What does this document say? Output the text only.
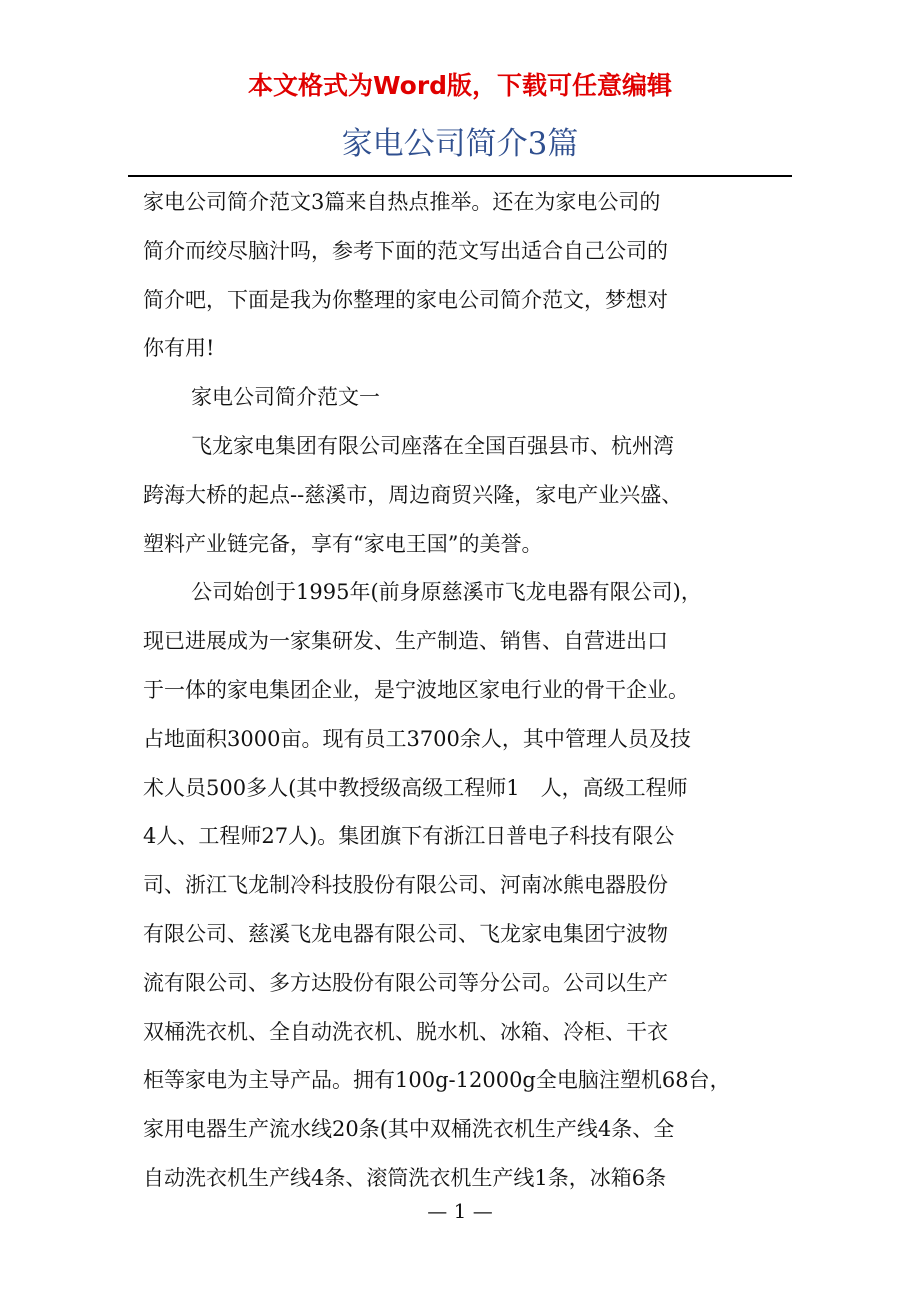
本文格式为Word版，下载可任意编辑
家电公司简介3篇
家电公司简介范文3篇来自热点推举。还在为家电公司的
简介而绞尽脑汁吗，参考下面的范文写出适合自己公司的
简介吧，下面是我为你整理的家电公司简介范文，梦想对
你有用!
家电公司简介范文一
飞龙家电集团有限公司座落在全国百强县市、杭州湾
跨海大桥的起点--慈溪市，周边商贸兴隆，家电产业兴盛、
塑料产业链完备，享有“家电王国”的美誉。
公司始创于1995年(前身原慈溪市飞龙电器有限公司)，
现已进展成为一家集研发、生产制造、销售、自营进出口
于一体的家电集团企业，是宁波地区家电行业的骨干企业。
占地面积3000亩。现有员工3700余人，其中管理人员及技
术人员500多人(其中教授级高级工程师1　人，高级工程师
4人、工程师27人)。集团旗下有浙江日普电子科技有限公
司、浙江飞龙制冷科技股份有限公司、河南冰熊电器股份
有限公司、慈溪飞龙电器有限公司、飞龙家电集团宁波物
流有限公司、多方达股份有限公司等分公司。公司以生产
双桶洗衣机、全自动洗衣机、脱水机、冰箱、冷柜、干衣
柜等家电为主导产品。拥有100g-12000g全电脑注塑机68台，
家用电器生产流水线20条(其中双桶洗衣机生产线4条、全
自动洗衣机生产线4条、滚筒洗衣机生产线1条，冰箱6条
— 1 —
